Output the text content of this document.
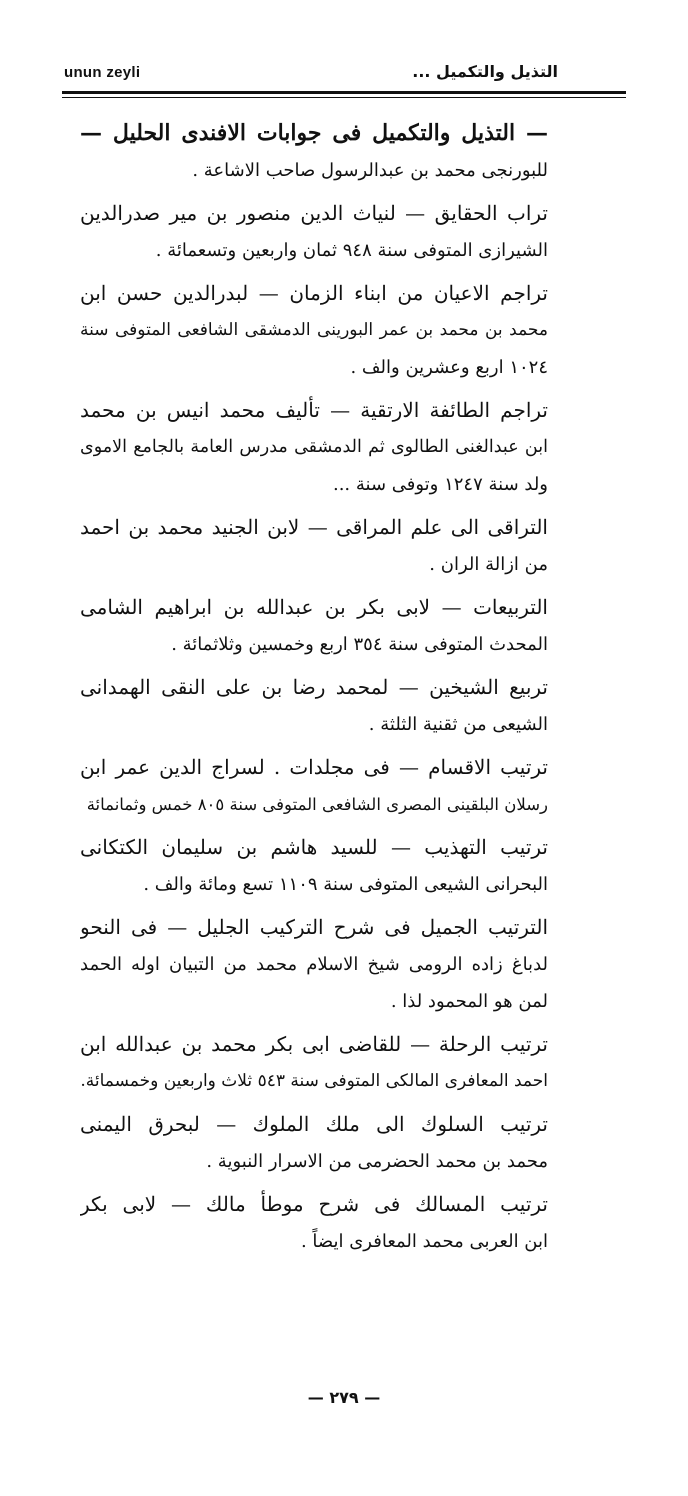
unun zeyli	التذيل والتكميل ...
— التذيل والتكميل فى جوابات الافندى الحليل —
للبورنجى محمد بن عبدالرسول صاحب الاشاعة .
تراب الحقايق — لنياث الدين منصور بن مير صدرالدين
الشيرازى المتوفى سنة ٩٤٨ ثمان واربعين وتسعمائة .
تراجم الاعيان من ابناء الزمان — لبدرالدين حسن ابن
محمد بن محمد بن عمر البورينى الدمشقى الشافعى المتوفى سنة
١٠٢٤ اربع وعشرين والف .
تراجم الطائفة الارتقية — تأليف محمد انيس بن محمد
ابن عبدالغنى الطالوى ثم الدمشقى مدرس العامة بالجامع الاموى
ولد سنة ١٢٤٧ وتوفى سنة ...
التراقى الى علم المراقى — لابن الجنيد محمد بن احمد
من ازالة الران .
التربيعات — لابى بكر بن عبدالله بن ابراهيم الشامى
المحدث المتوفى سنة ٣٥٤ اربع وخمسين وثلاثمائة .
تربيع الشيخين — لمحمد رضا بن على النقى الهمدانى
الشيعى من ثقنية الثلثة .
ترتيب الاقسام — فى مجلدات . لسراج الدين عمر ابن
رسلان البلقينى المصرى الشافعى المتوفى سنة ٨٠٥ خمس وثمانمائة
ترتيب التهذيب — للسيد هاشم بن سليمان الكتكانى
البحرانى الشيعى المتوفى سنة ١١٠٩ تسع ومائة والف .
الترتيب الجميل فى شرح التركيب الجليل — فى النحو
لدباغ زاده الرومى شيخ الاسلام محمد من التبيان اوله الحمد
لمن هو المحمود لذا .
ترتيب الرحلة — للقاضى ابى بكر محمد بن عبدالله ابن
احمد المعافرى المالكى المتوفى سنة ٥٤٣ ثلاث واربعين وخمسمائة.
ترتيب السلوك الى ملك الملوك — لبحرق اليمنى
محمد بن محمد الحضرمى من الاسرار النبوية .
ترتيب المسالك فى شرح موطأ مالك — لابى بكر
ابن العربى محمد المعافرى ايضاً .
— ٢٧٩ —
